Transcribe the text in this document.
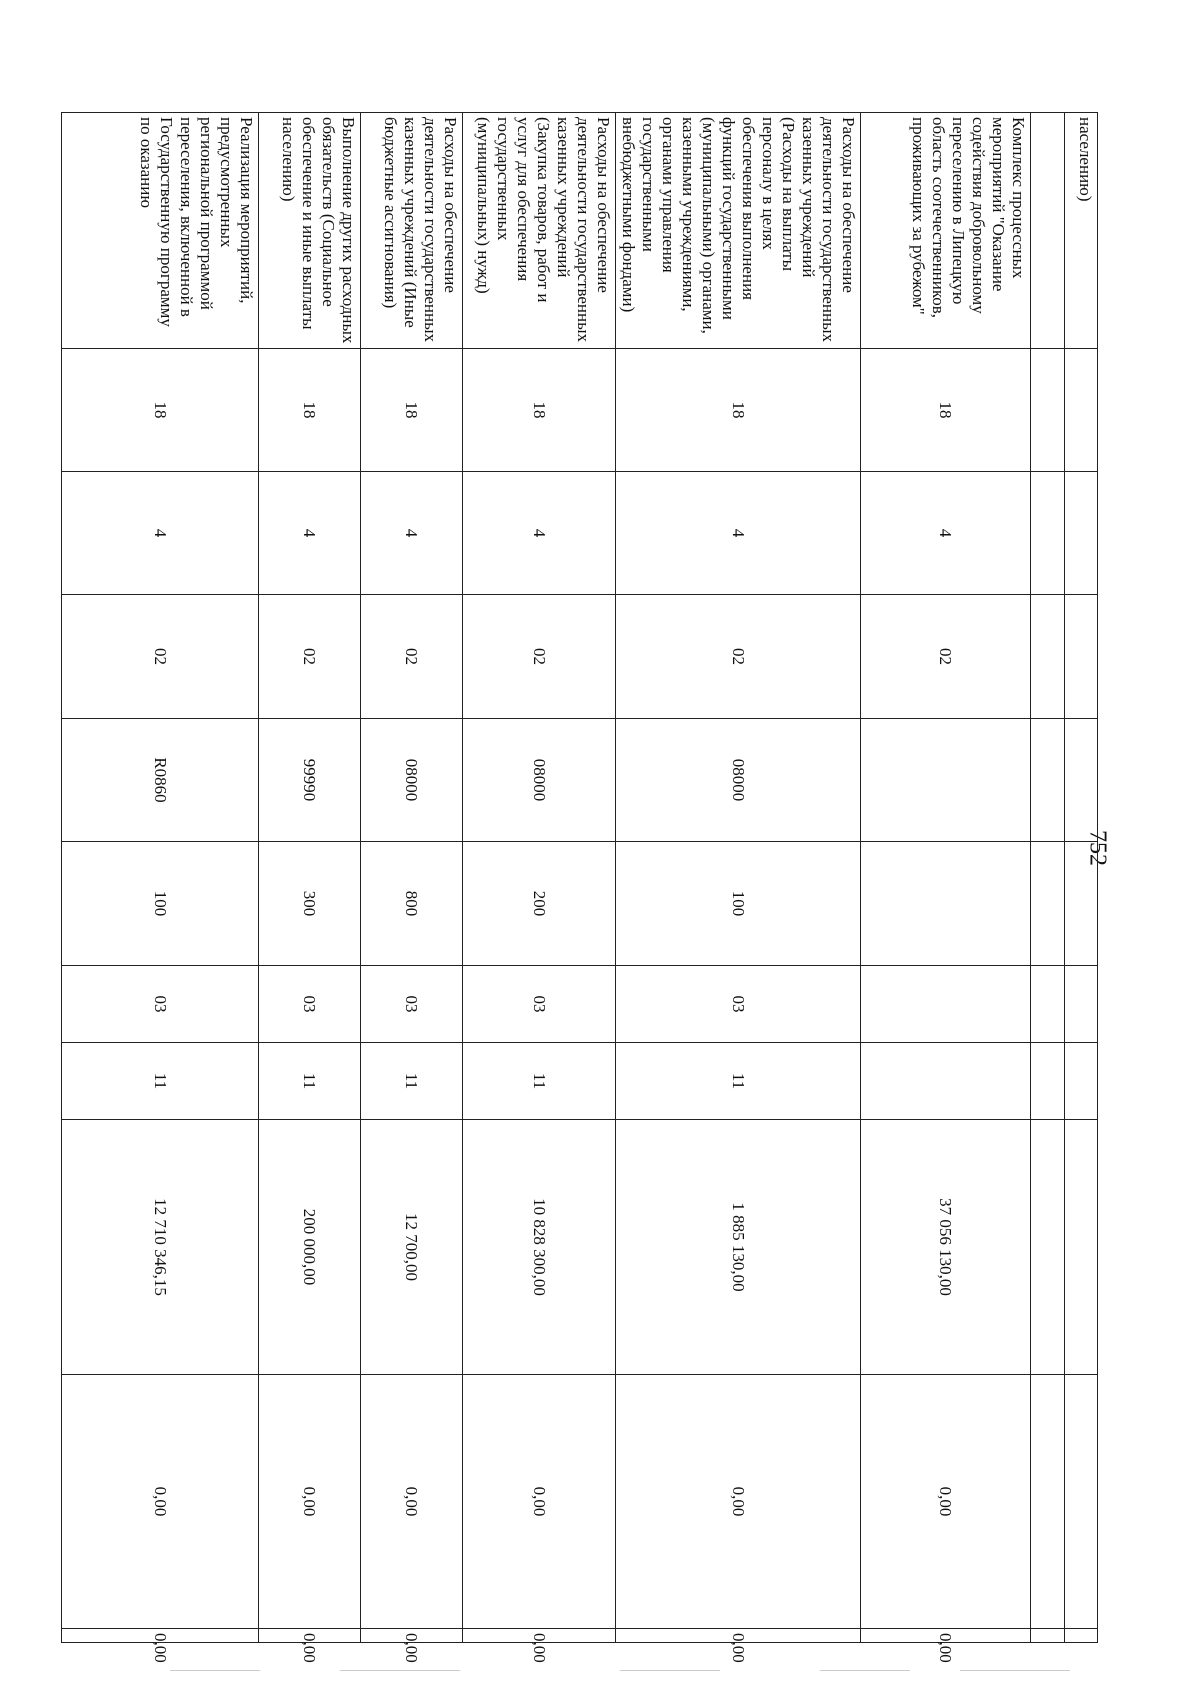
752
населению)										

Комплекс процессных мероприятий "Оказание содействия добровольному переселению в Липецкую область соотечественников, проживающих за рубежом"	18	4	02					37 056 130,00	0,00	0,00
Расходы на обеспечение деятельности государственных казенных учреждений (Расходы на выплаты персоналу в целях обеспечения выполнения функций государственными (муниципальными) органами, казенными учреждениями, органами управления государственными внебюджетными фондами)	18	4	02	08000	100	03	11	1 885 130,00	0,00	0,00
Расходы на обеспечение деятельности государственных казенных учреждений (Закупка товаров, работ и услуг для обеспечения государственных (муниципальных) нужд)	18	4	02	08000	200	03	11	10 828 300,00	0,00	0,00
Расходы на обеспечение деятельности государственных казенных учреждений (Иные бюджетные ассигнования)	18	4	02	08000	800	03	11	12 700,00	0,00	0,00
Выполнение других расходных обязательств (Социальное обеспечение и иные выплаты населению)	18	4	02	99990	300	03	11	200 000,00	0,00	0,00
Реализация мероприятий, предусмотренных региональной программой переселения, включенной в Государственную программу по оказанию	18	4	02	R0860	100	03	11	12 710 346,15	0,00	0,00
